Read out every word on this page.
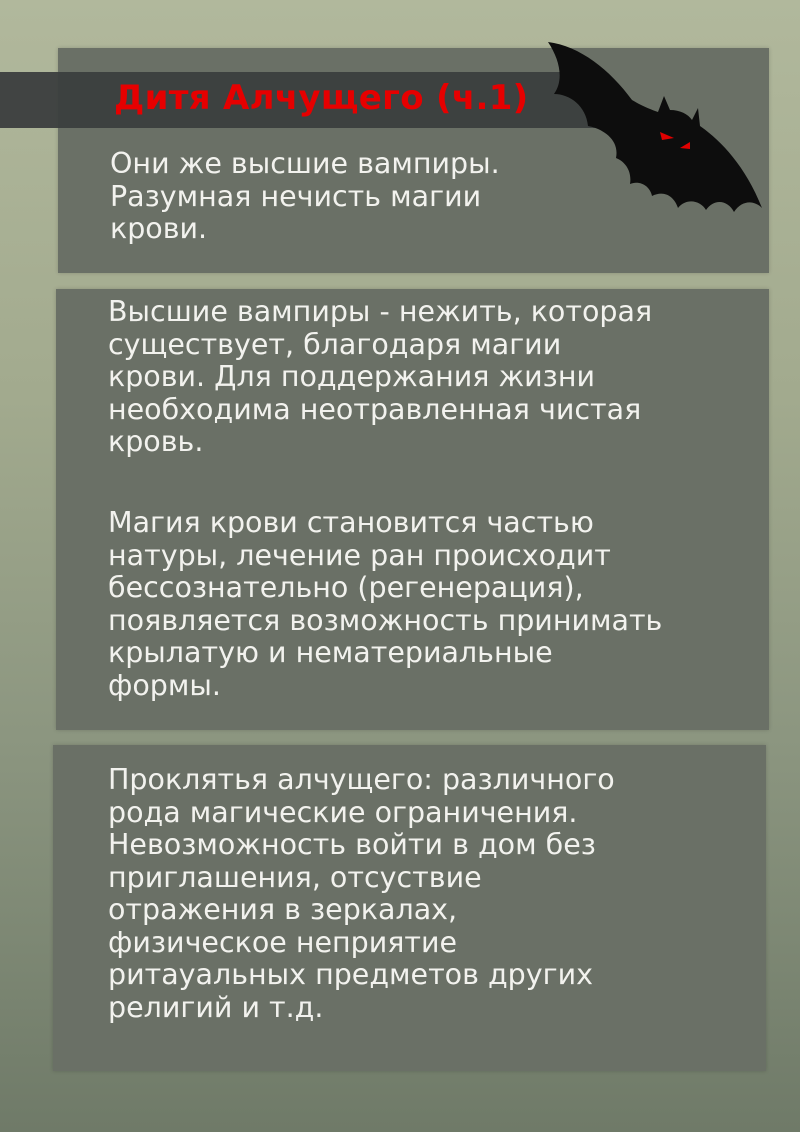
Дитя Алчущего (ч.1)

Они же высшие вампиры.
Разумная нечисть магии
крови.

Высшие вампиры - нежить, которая
существует, благодаря магии
крови. Для поддержания жизни
необходима неотравленная чистая
кровь.

Магия крови становится частью
натуры, лечение ран происходит
бессознательно (регенерация),
появляется возможность принимать
крылатую и нематериальные
формы.

Проклятья алчущего: различного
рода магические ограничения.
Невозможность войти в дом без
приглашения, отсуствие
отражения в зеркалах,
физическое неприятие
ритауальных предметов других
религий и т.д.
